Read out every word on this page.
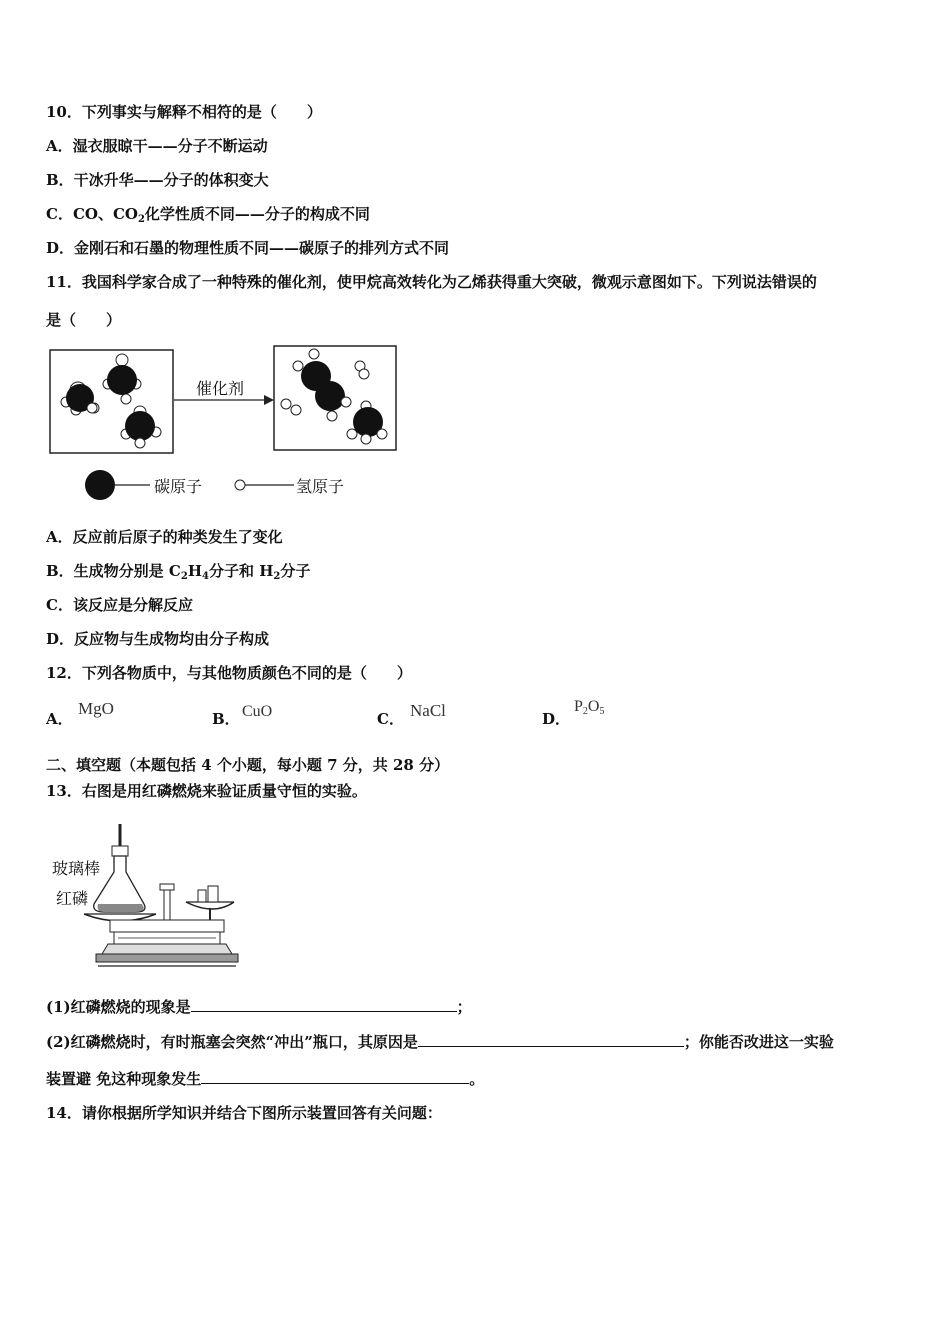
10．下列事实与解释不相符的是（　　）
A．湿衣服晾干——分子不断运动
B．干冰升华——分子的体积变大
C．CO、$CO_2$化学性质不同——分子的构成不同
D．金刚石和石墨的物理性质不同——碳原子的排列方式不同
11．我国科学家合成了一种特殊的催化剂，使甲烷高效转化为乙烯获得重大突破，微观示意图如下。下列说法错误的
是（　　）
催化剂
碳原子	氢原子
A．反应前后原子的种类发生了变化
B．生成物分别是 $C_2H_4$分子和 $H_2$分子
C．该反应是分解反应
D．反应物与生成物均由分子构成
12．下列各物质中，与其他物质颜色不同的是（　　）
A．
MgO
B． CuO	C． NaCl	D．
$P_2O_5$
二、填空题（本题包括 4 个小题，每小题 7 分，共 28 分）
13．右图是用红磷燃烧来验证质量守恒的实验。
玻璃棒
红磷
(1)红磷燃烧的现象是	；
(2)红磷燃烧时，有时瓶塞会突然“冲出”瓶口，其原因是	；你能否改进这一实验
装置避 免这种现象发生	。
14．请你根据所学知识并结合下图所示装置回答有关问题：
